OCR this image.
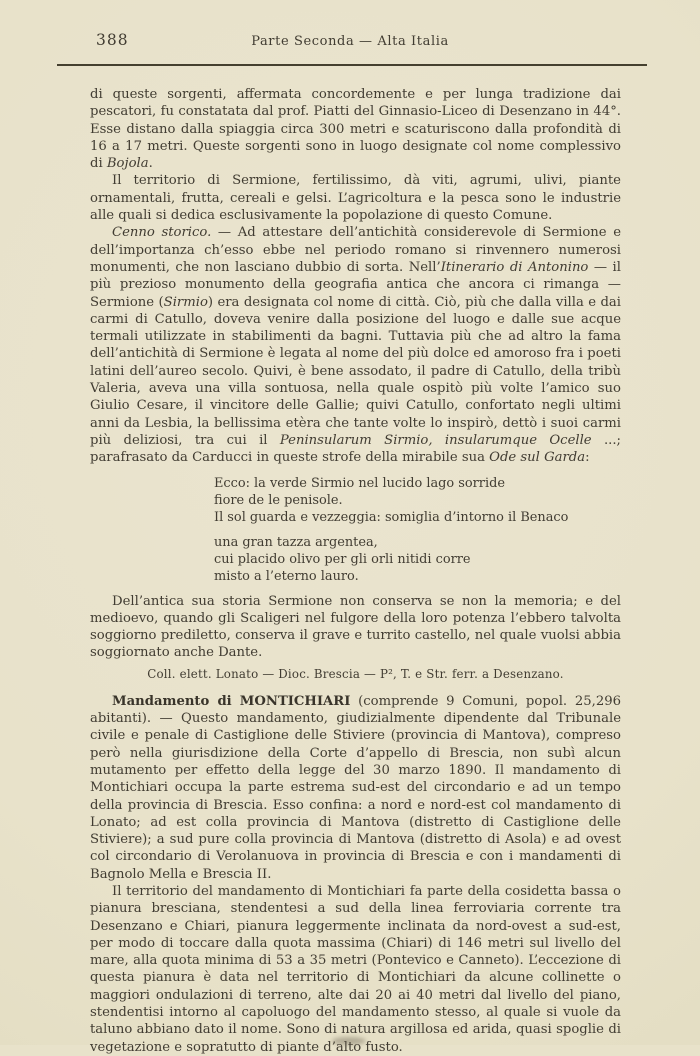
388	Parte Seconda — Alta Italia

di queste sorgenti, affermata concordemente e per lunga tradizione dai pescatori, fu constatata dal prof. Piatti del Ginnasio-Liceo di Desenzano in 44°. Esse distano dalla spiaggia circa 300 metri e scaturiscono dalla profondità di 16 a 17 metri. Queste sorgenti sono in luogo designate col nome complessivo di Bojola.

Il territorio di Sermione, fertilissimo, dà viti, agrumi, ulivi, piante ornamentali, frutta, cereali e gelsi. L’agricoltura e la pesca sono le industrie alle quali si dedica esclusivamente la popolazione di questo Comune.

Cenno storico. — Ad attestare dell’antichità considerevole di Sermione e dell’importanza ch’esso ebbe nel periodo romano si rinvennero numerosi monumenti, che non lasciano dubbio di sorta. Nell’Itinerario di Antonino — il più prezioso monumento della geografia antica che ancora ci rimanga — Sermione (Sirmio) era designata col nome di città. Ciò, più che dalla villa e dai carmi di Catullo, doveva venire dalla posizione del luogo e dalle sue acque termali utilizzate in stabilimenti da bagni. Tuttavia più che ad altro la fama dell’antichità di Sermione è legata al nome del più dolce ed amoroso fra i poeti latini dell’aureo secolo. Quivi, è bene assodato, il padre di Catullo, della tribù Valeria, aveva una villa sontuosa, nella quale ospitò più volte l’amico suo Giulio Cesare, il vincitore delle Gallie; quivi Catullo, confortato negli ultimi anni da Lesbia, la bellissima etèra che tante volte lo inspirò, dettò i suoi carmi più deliziosi, tra cui il Peninsularum Sirmio, insularumque Ocelle ...; parafrasato da Carducci in queste strofe della mirabile sua Ode sul Garda:

Ecco: la verde Sirmio nel lucido lago sorride
fiore de le penisole.
Il sol guarda e vezzeggia: somiglia d’intorno il Benaco

una gran tazza argentea,
cui placido olivo per gli orli nitidi corre
misto a l’eterno lauro.

Dell’antica sua storia Sermione non conserva se non la memoria; e del medioevo, quando gli Scaligeri nel fulgore della loro potenza l’ebbero talvolta soggiorno prediletto, conserva il grave e turrito castello, nel quale vuolsi abbia soggiornato anche Dante.

Coll. elett. Lonato — Dioc. Brescia — P², T. e Str. ferr. a Desenzano.

Mandamento di MONTICHIARI (comprende 9 Comuni, popol. 25,296 abitanti). — Questo mandamento, giudizialmente dipendente dal Tribunale civile e penale di Castiglione delle Stiviere (provincia di Mantova), compreso però nella giurisdizione della Corte d’appello di Brescia, non subì alcun mutamento per effetto della legge del 30 marzo 1890. Il mandamento di Montichiari occupa la parte estrema sud-est del circondario e ad un tempo della provincia di Brescia. Esso confina: a nord e nord-est col mandamento di Lonato; ad est colla provincia di Mantova (distretto di Castiglione delle Stiviere); a sud pure colla provincia di Mantova (distretto di Asola) e ad ovest col circondario di Verolanuova in provincia di Brescia e con i mandamenti di Bagnolo Mella e Brescia II.

Il territorio del mandamento di Montichiari fa parte della cosidetta bassa o pianura bresciana, stendentesi a sud della linea ferroviaria corrente tra Desenzano e Chiari, pianura leggermente inclinata da nord-ovest a sud-est, per modo di toccare dalla quota massima (Chiari) di 146 metri sul livello del mare, alla quota minima di 53 a 35 metri (Pontevico e Canneto). L’eccezione di questa pianura è data nel territorio di Montichiari da alcune collinette o maggiori ondulazioni di terreno, alte dai 20 ai 40 metri dal livello del piano, stendentisi intorno al capoluogo del mandamento stesso, al quale si vuole da taluno abbiano dato il nome. Sono di natura argillosa ed arida, quasi spoglie di vegetazione e sopratutto di piante d’alto fusto.
